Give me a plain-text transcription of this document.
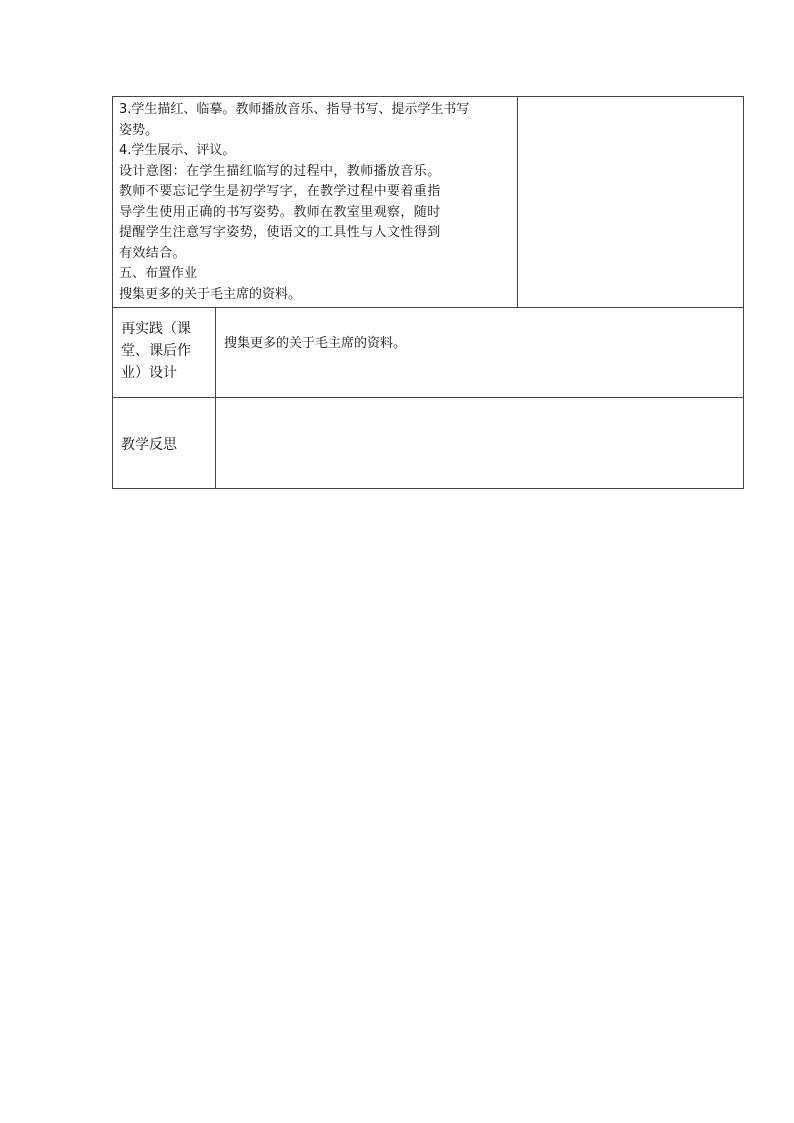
3.学生描红、临摹。教师播放音乐、指导书写、提示学生书写
姿势。
4.学生展示、评议。
设计意图：在学生描红临写的过程中，教师播放音乐。
教师不要忘记学生是初学写字，在教学过程中要着重指
导学生使用正确的书写姿势。教师在教室里观察，随时
提醒学生注意写字姿势，使语文的工具性与人文性得到
有效结合。
五、布置作业
搜集更多的关于毛主席的资料。
再实践（课
堂、课后作
业）设计
搜集更多的关于毛主席的资料。
教学反思
